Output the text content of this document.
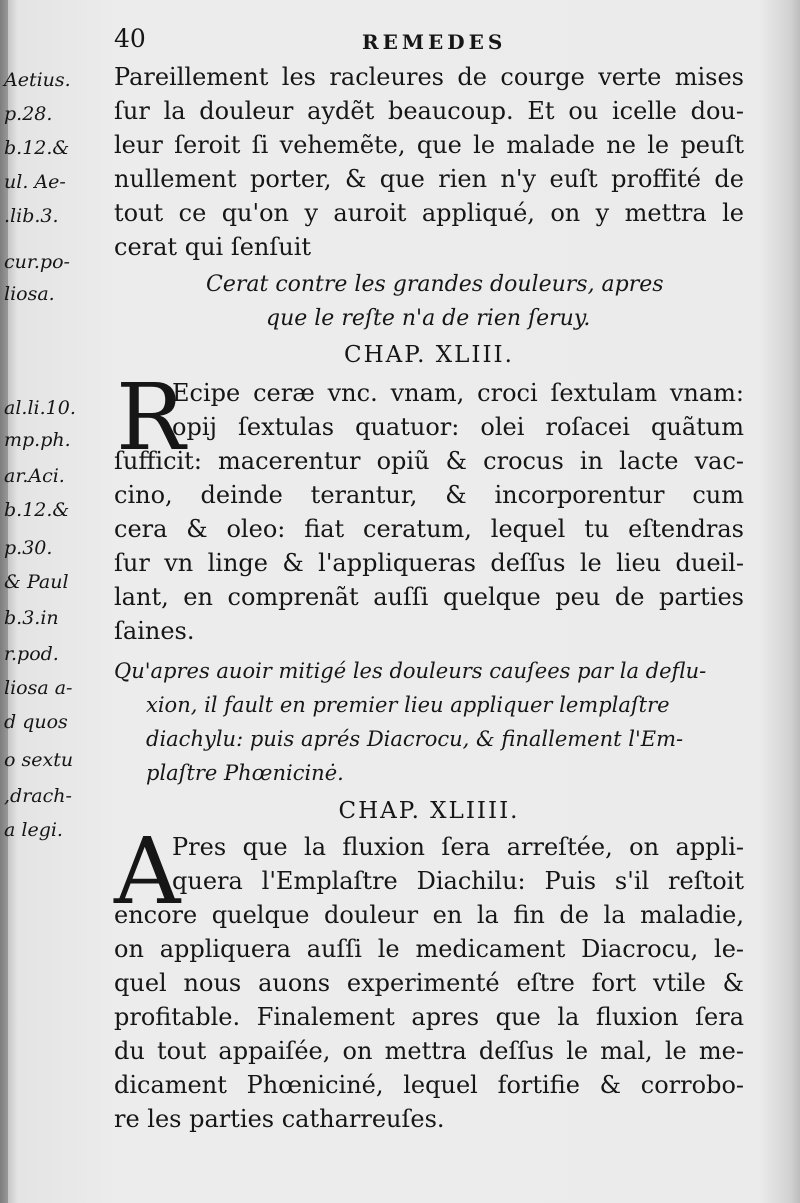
40	REMEDES
Aetius.
p.28.
b.12.&
ul. Ae-
.lib.3.
cur.po-
liosa.
al.li.10.
mp.ph.
ar.Aci.
b.12.&
p.30.
& Paul
b.3.in
r.pod.
liosa a-
d quos
o sextu
,drach-
a legi.
Pareillement les racleures de courge verte mises
ſur la douleur aydẽt beaucoup. Et ou icelle dou-
leur ſeroit ſi vehemẽte, que le malade ne le peuſt
nullement porter, & que rien n'y euſt proffité de
tout ce qu'on y auroit appliqué, on y mettra le
cerat qui ſenſuit
Cerat contre les grandes douleurs, apres
que le reſte n'a de rien ſeruy.
CHAP. XLIII.
R
Ecipe ceræ vnc. vnam, croci ſextulam vnam:
opij ſextulas quatuor: olei roſacei quãtum
ſufficit: macerentur opiũ & crocus in lacte vac-
cino, deinde terantur, & incorporentur cum
cera & oleo: fiat ceratum, lequel tu eſtendras
ſur vn linge & l'appliqueras deſſus le lieu dueil-
lant, en comprenãt auſſi quelque peu de parties
ſaines.
Qu'apres auoir mitigé les douleurs cauſees par la deflu-
xion, il fault en premier lieu appliquer lemplaſtre
diachylu: puis aprés Diacrocu, & finallement l'Em-
plaſtre Phœnicinė.
CHAP. XLIIII.
A
Pres que la fluxion ſera arreſtée, on appli-
quera l'Emplaſtre Diachilu: Puis s'il reſtoit
encore quelque douleur en la fin de la maladie,
on appliquera auſſi le medicament Diacrocu, le-
quel nous auons experimenté eſtre fort vtile &
profitable. Finalement apres que la fluxion ſera
du tout appaiſée, on mettra deſſus le mal, le me-
dicament Phœniciné, lequel fortifie & corrobo-
re les parties catharreuſes.
